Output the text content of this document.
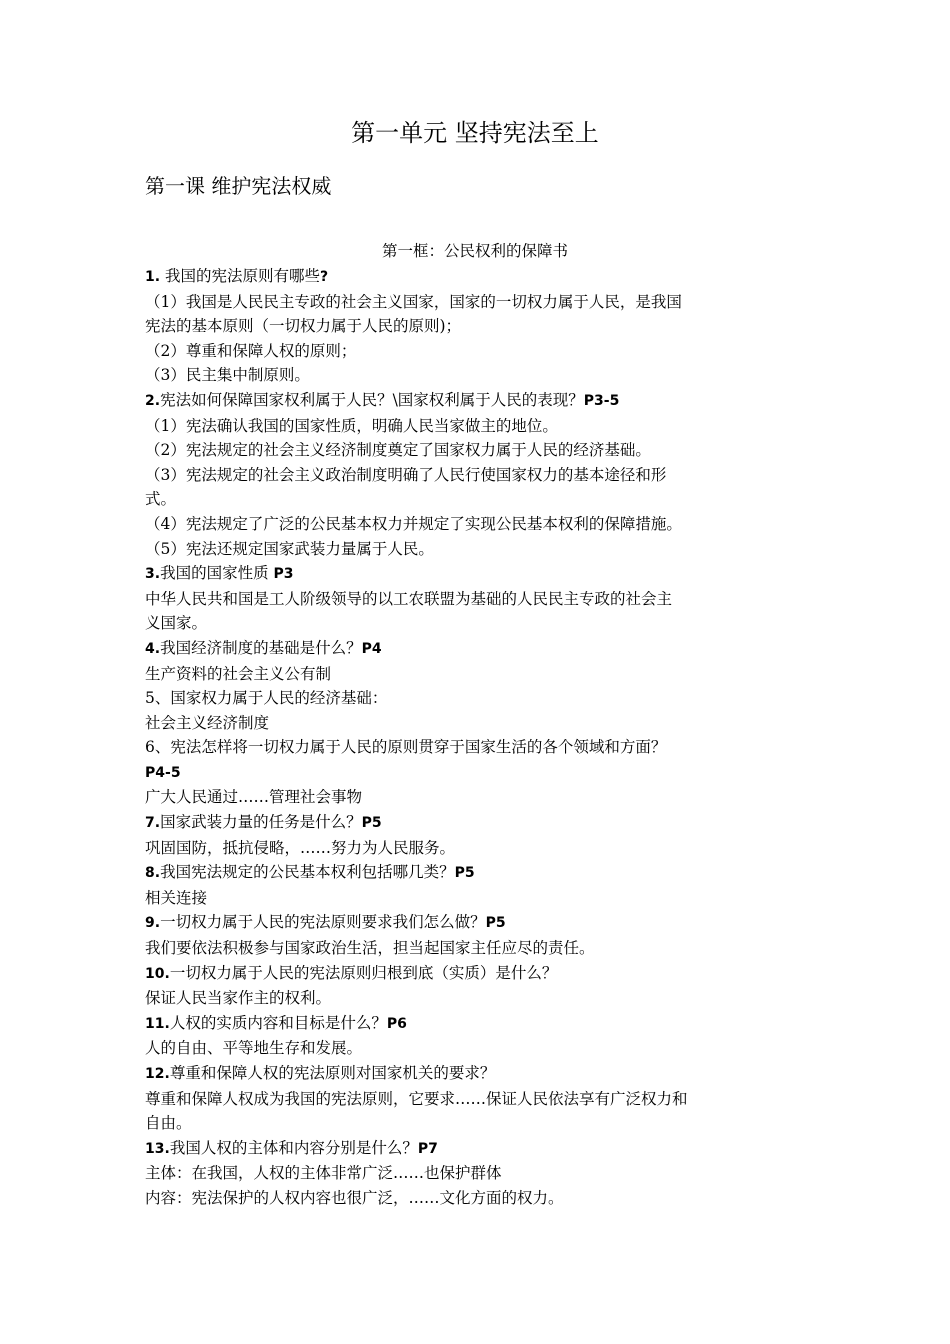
第一单元 坚持宪法至上
第一课 维护宪法权威
第一框：公民权利的保障书

1. 我国的宪法原则有哪些?

（1）我国是人民民主专政的社会主义国家，国家的一切权力属于人民，是我国

宪法的基本原则（一切权力属于人民的原则)；

（2）尊重和保障人权的原则；

（3）民主集中制原则。

2.宪法如何保障国家权利属于人民？\国家权利属于人民的表现？P3-5

（1）宪法确认我国的国家性质，明确人民当家做主的地位。

（2）宪法规定的社会主义经济制度奠定了国家权力属于人民的经济基础。

（3）宪法规定的社会主义政治制度明确了人民行使国家权力的基本途径和形

式。

（4）宪法规定了广泛的公民基本权力并规定了实现公民基本权利的保障措施。

（5）宪法还规定国家武装力量属于人民。

3.我国的国家性质 P3

中华人民共和国是工人阶级领导的以工农联盟为基础的人民民主专政的社会主

义国家。

4.我国经济制度的基础是什么？P4

生产资料的社会主义公有制

5、国家权力属于人民的经济基础：

社会主义经济制度

6、宪法怎样将一切权力属于人民的原则贯穿于国家生活的各个领域和方面？

P4-5

广大人民通过……管理社会事物

7.国家武装力量的任务是什么？P5

巩固国防，抵抗侵略，……努力为人民服务。

8.我国宪法规定的公民基本权利包括哪几类？P5

相关连接

9.一切权力属于人民的宪法原则要求我们怎么做？P5

我们要依法积极参与国家政治生活，担当起国家主任应尽的责任。

10.一切权力属于人民的宪法原则归根到底（实质）是什么？

保证人民当家作主的权利。

11.人权的实质内容和目标是什么？P6

人的自由、平等地生存和发展。

12.尊重和保障人权的宪法原则对国家机关的要求？

尊重和保障人权成为我国的宪法原则，它要求……保证人民依法享有广泛权力和

自由。

13.我国人权的主体和内容分别是什么？P7

主体：在我国，人权的主体非常广泛……也保护群体

内容：宪法保护的人权内容也很广泛，……文化方面的权力。
